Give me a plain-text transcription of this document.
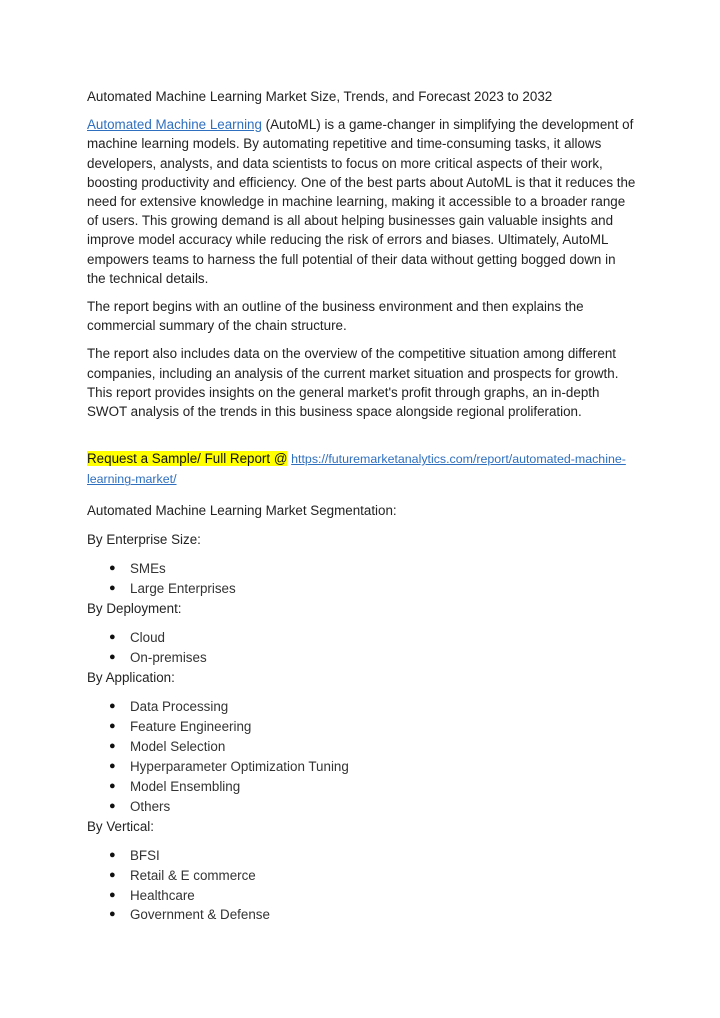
Automated Machine Learning Market Size, Trends, and Forecast 2023 to 2032

Automated Machine Learning (AutoML) is a game-changer in simplifying the development of machine learning models. By automating repetitive and time-consuming tasks, it allows developers, analysts, and data scientists to focus on more critical aspects of their work, boosting productivity and efficiency. One of the best parts about AutoML is that it reduces the need for extensive knowledge in machine learning, making it accessible to a broader range of users. This growing demand is all about helping businesses gain valuable insights and improve model accuracy while reducing the risk of errors and biases. Ultimately, AutoML empowers teams to harness the full potential of their data without getting bogged down in the technical details.

The report begins with an outline of the business environment and then explains the commercial summary of the chain structure.

The report also includes data on the overview of the competitive situation among different companies, including an analysis of the current market situation and prospects for growth. This report provides insights on the general market's profit through graphs, an in-depth SWOT analysis of the trends in this business space alongside regional proliferation.

Request a Sample/ Full Report @ https://futuremarketanalytics.com/report/automated-machine-learning-market/

Automated Machine Learning Market Segmentation:

By Enterprise Size:

● SMEs
● Large Enterprises

By Deployment:

● Cloud
● On-premises

By Application:

● Data Processing
● Feature Engineering
● Model Selection
● Hyperparameter Optimization Tuning
● Model Ensembling
● Others

By Vertical:

● BFSI
● Retail & E commerce
● Healthcare
● Government & Defense
